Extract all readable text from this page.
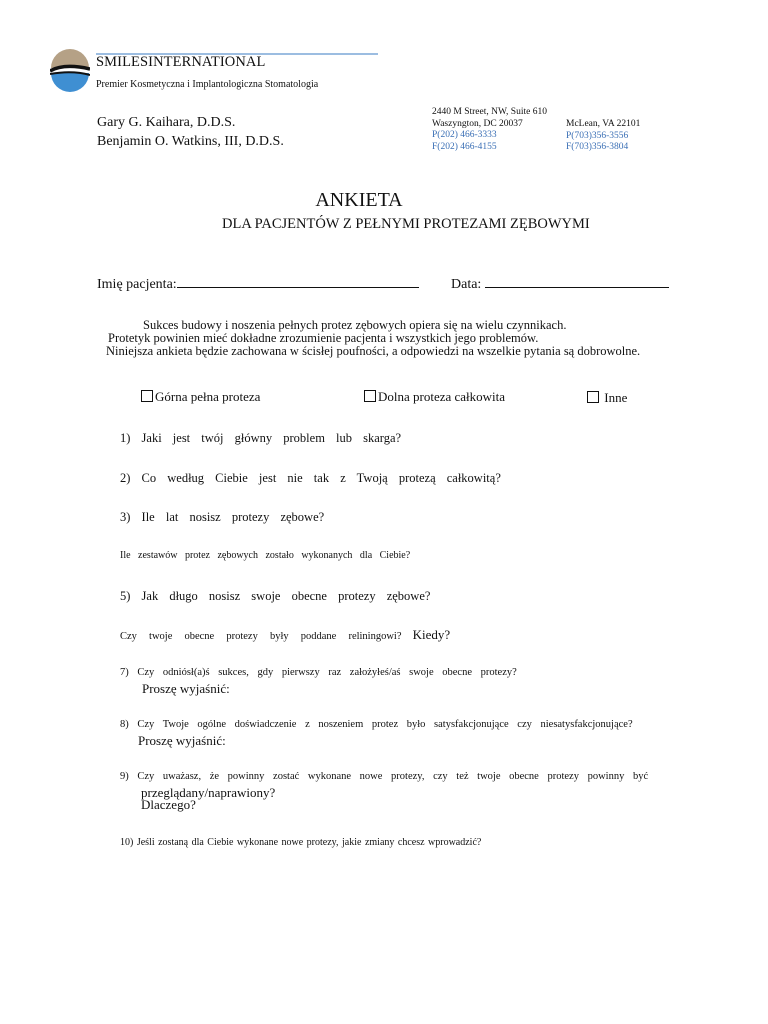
SMILESINTERNATIONAL
Premier Kosmetyczna i Implantologiczna Stomatologia
Gary G. Kaihara, D.D.S.
Benjamin O. Watkins, III, D.D.S.
2440 M Street, NW, Suite 610
Waszyngton, DC 20037
P(202) 466-3333
F(202) 466-4155
McLean, VA 22101
P(703)356-3556
F(703)356-3804
ANKIETA
DLA PACJENTÓW Z PEŁNYMI PROTEZAMI ZĘBOWYMI
Imię pacjenta:	Data:
Sukces budowy i noszenia pełnych protez zębowych opiera się na wielu czynnikach.
Protetyk powinien mieć dokładne zrozumienie pacjenta i wszystkich jego problemów.
Niniejsza ankieta będzie zachowana w ścisłej poufności, a odpowiedzi na wszelkie pytania są dobrowolne.
Górna pełna proteza	Dolna proteza całkowita	Inne
1) Jaki jest twój główny problem lub skarga?
2) Co według Ciebie jest nie tak z Twoją protezą całkowitą?
3) Ile lat nosisz protezy zębowe?
Ile zestawów protez zębowych zostało wykonanych dla Ciebie?
5) Jak długo nosisz swoje obecne protezy zębowe?
Czy twoje obecne protezy były poddane reliningowi? Kiedy?
7) Czy odniósł(a)ś sukces, gdy pierwszy raz założyłeś/aś swoje obecne protezy?
Proszę wyjaśnić:
8) Czy Twoje ogólne doświadczenie z noszeniem protez było satysfakcjonujące czy niesatysfakcjonujące?
Proszę wyjaśnić:
9) Czy uważasz, że powinny zostać wykonane nowe protezy, czy też twoje obecne protezy powinny być
przeglądany/naprawiony?
Dlaczego?
10) Jeśli zostaną dla Ciebie wykonane nowe protezy, jakie zmiany chcesz wprowadzić?
